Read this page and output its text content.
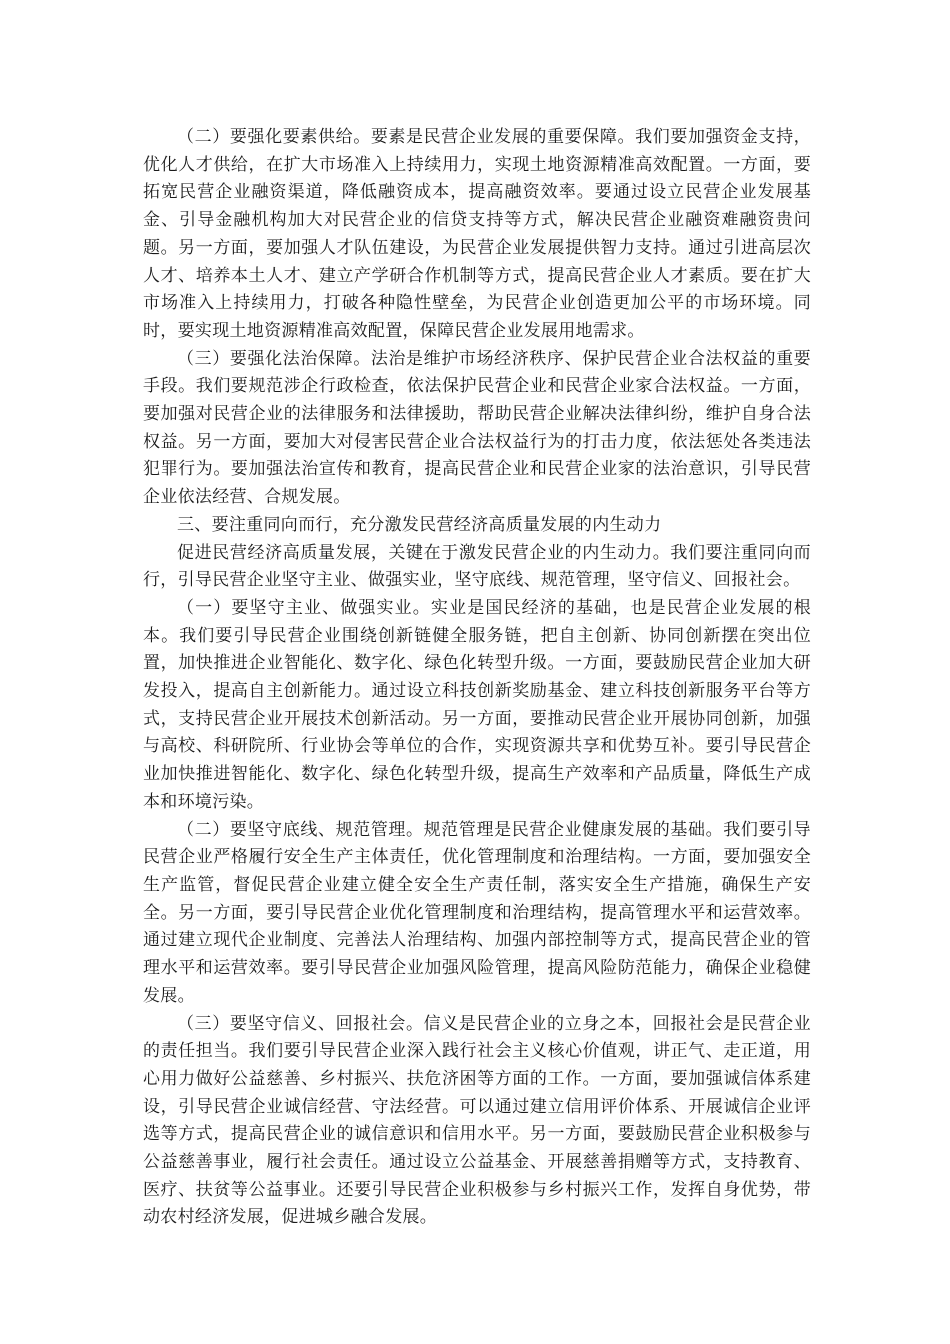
（二）要强化要素供给。要素是民营企业发展的重要保障。我们要加强资金支持，优化人才供给，在扩大市场准入上持续用力，实现土地资源精准高效配置。一方面，要拓宽民营企业融资渠道，降低融资成本，提高融资效率。要通过设立民营企业发展基金、引导金融机构加大对民营企业的信贷支持等方式，解决民营企业融资难融资贵问题。另一方面，要加强人才队伍建设，为民营企业发展提供智力支持。通过引进高层次人才、培养本土人才、建立产学研合作机制等方式，提高民营企业人才素质。要在扩大市场准入上持续用力，打破各种隐性壁垒，为民营企业创造更加公平的市场环境。同时，要实现土地资源精准高效配置，保障民营企业发展用地需求。

（三）要强化法治保障。法治是维护市场经济秩序、保护民营企业合法权益的重要手段。我们要规范涉企行政检查，依法保护民营企业和民营企业家合法权益。一方面，要加强对民营企业的法律服务和法律援助，帮助民营企业解决法律纠纷，维护自身合法权益。另一方面，要加大对侵害民营企业合法权益行为的打击力度，依法惩处各类违法犯罪行为。要加强法治宣传和教育，提高民营企业和民营企业家的法治意识，引导民营企业依法经营、合规发展。

三、要注重同向而行，充分激发民营经济高质量发展的内生动力

促进民营经济高质量发展，关键在于激发民营企业的内生动力。我们要注重同向而行，引导民营企业坚守主业、做强实业，坚守底线、规范管理，坚守信义、回报社会。

（一）要坚守主业、做强实业。实业是国民经济的基础，也是民营企业发展的根本。我们要引导民营企业围绕创新链健全服务链，把自主创新、协同创新摆在突出位置，加快推进企业智能化、数字化、绿色化转型升级。一方面，要鼓励民营企业加大研发投入，提高自主创新能力。通过设立科技创新奖励基金、建立科技创新服务平台等方式，支持民营企业开展技术创新活动。另一方面，要推动民营企业开展协同创新，加强与高校、科研院所、行业协会等单位的合作，实现资源共享和优势互补。要引导民营企业加快推进智能化、数字化、绿色化转型升级，提高生产效率和产品质量，降低生产成本和环境污染。

（二）要坚守底线、规范管理。规范管理是民营企业健康发展的基础。我们要引导民营企业严格履行安全生产主体责任，优化管理制度和治理结构。一方面，要加强安全生产监管，督促民营企业建立健全安全生产责任制，落实安全生产措施，确保生产安全。另一方面，要引导民营企业优化管理制度和治理结构，提高管理水平和运营效率。通过建立现代企业制度、完善法人治理结构、加强内部控制等方式，提高民营企业的管理水平和运营效率。要引导民营企业加强风险管理，提高风险防范能力，确保企业稳健发展。

（三）要坚守信义、回报社会。信义是民营企业的立身之本，回报社会是民营企业的责任担当。我们要引导民营企业深入践行社会主义核心价值观，讲正气、走正道，用心用力做好公益慈善、乡村振兴、扶危济困等方面的工作。一方面，要加强诚信体系建设，引导民营企业诚信经营、守法经营。可以通过建立信用评价体系、开展诚信企业评选等方式，提高民营企业的诚信意识和信用水平。另一方面，要鼓励民营企业积极参与公益慈善事业，履行社会责任。通过设立公益基金、开展慈善捐赠等方式，支持教育、医疗、扶贫等公益事业。还要引导民营企业积极参与乡村振兴工作，发挥自身优势，带动农村经济发展，促进城乡融合发展。
